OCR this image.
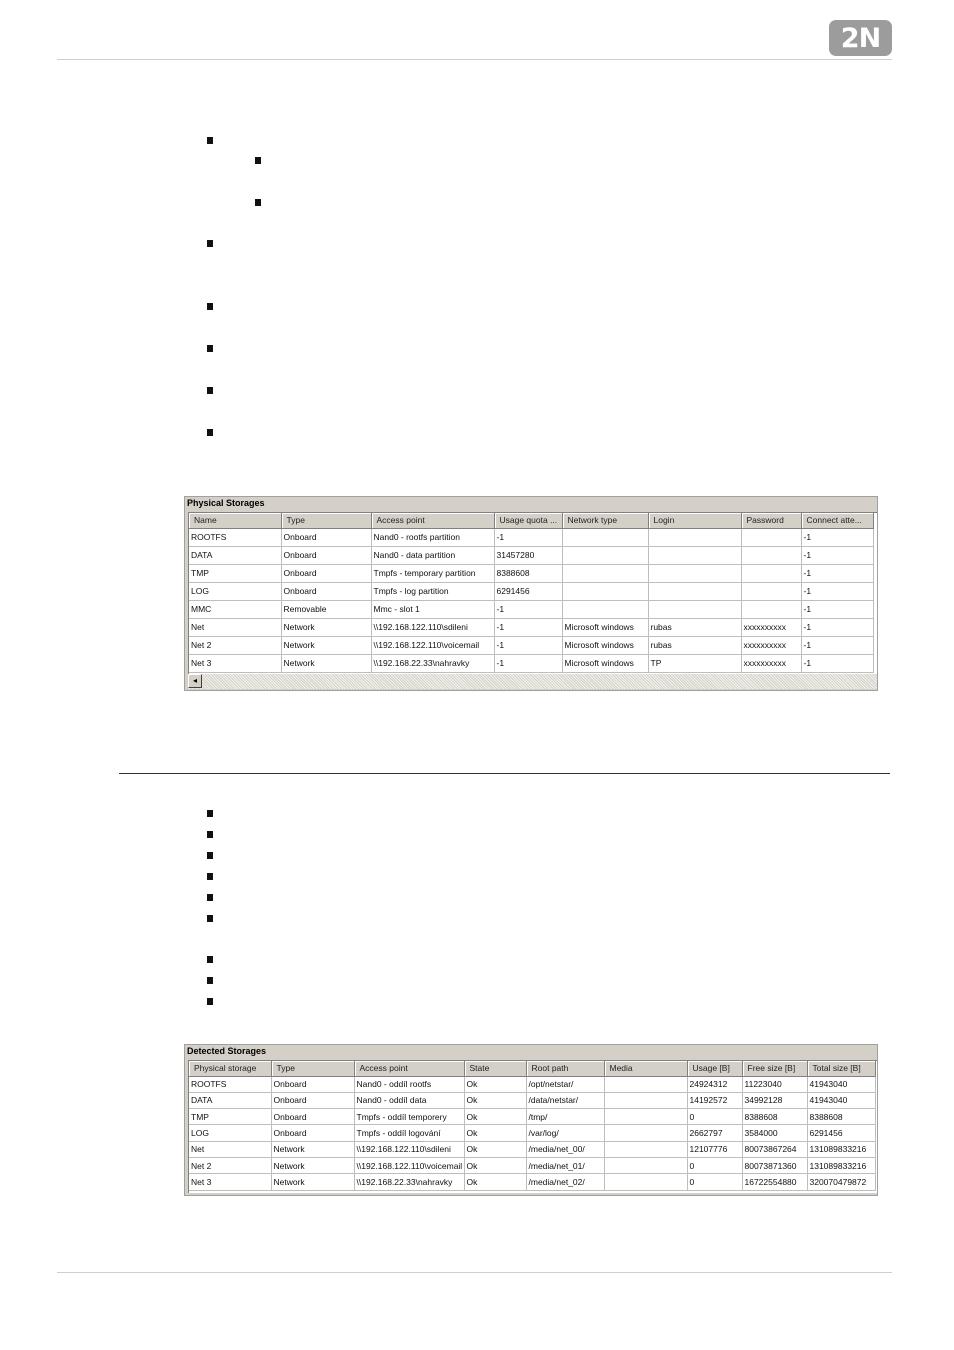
2N
Physical Storages
Name	Type	Access point	Usage quota ...	Network type	Login	Password	Connect atte...
ROOTFS	Onboard	Nand0 - rootfs partition	-1				-1
DATA	Onboard	Nand0 - data partition	31457280				-1
TMP	Onboard	Tmpfs - temporary partition	8388608				-1
LOG	Onboard	Tmpfs - log partition	6291456				-1
MMC	Removable	Mmc - slot 1	-1				-1
Net	Network	\\192.168.122.110\sdileni	-1	Microsoft windows	rubas	xxxxxxxxxx	-1
Net 2	Network	\\192.168.122.110\voicemail	-1	Microsoft windows	rubas	xxxxxxxxxx	-1
Net 3	Network	\\192.168.22.33\nahravky	-1	Microsoft windows	TP	xxxxxxxxxx	-1
◂
Detected Storages
Physical storage	Type	Access point	State	Root path	Media	Usage [B]	Free size [B]	Total size [B]
ROOTFS	Onboard	Nand0 - oddíl rootfs	Ok	/opt/netstar/		24924312	11223040	41943040
DATA	Onboard	Nand0 - oddíl data	Ok	/data/netstar/		14192572	34992128	41943040
TMP	Onboard	Tmpfs - oddíl temporery	Ok	/tmp/		0	8388608	8388608
LOG	Onboard	Tmpfs - oddíl logování	Ok	/var/log/		2662797	3584000	6291456
Net	Network	\\192.168.122.110\sdileni	Ok	/media/net_00/		12107776	80073867264	131089833216
Net 2	Network	\\192.168.122.110\voicemail	Ok	/media/net_01/		0	80073871360	131089833216
Net 3	Network	\\192.168.22.33\nahravky	Ok	/media/net_02/		0	16722554880	320070479872
